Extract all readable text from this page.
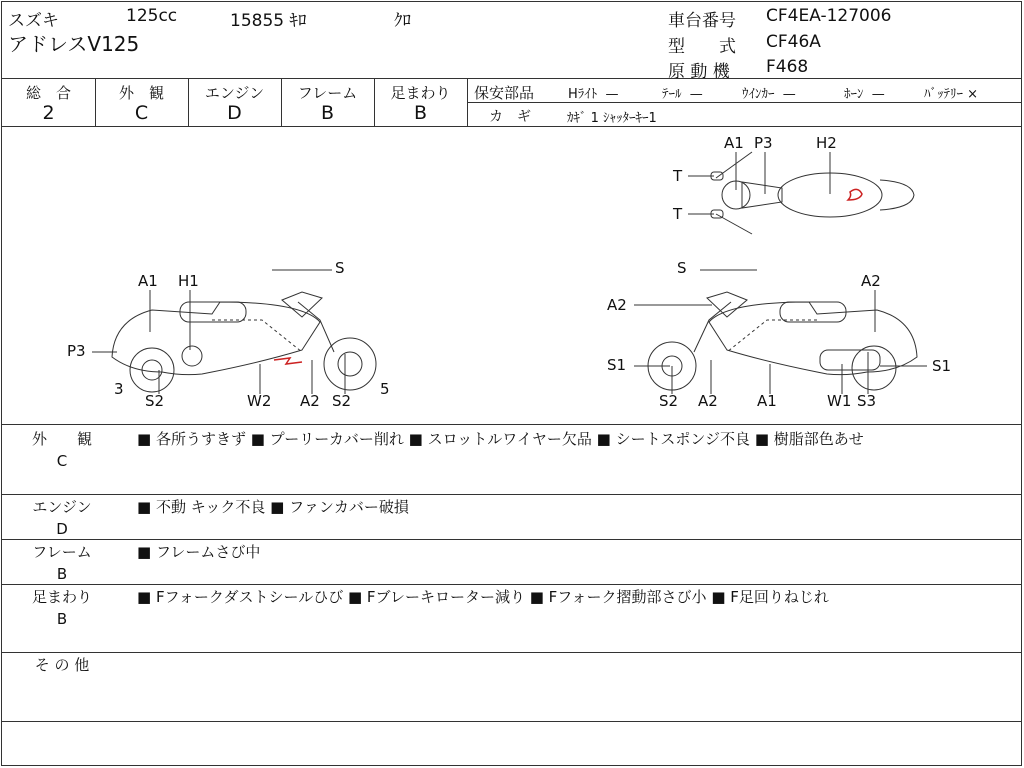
スズキ	125cc	15855 ｷﾛ	ｸﾛ
アドレスV125
車台番号 CF4EA-127006
型　　式 CF46A
原 動 機 F468
総　合	外　観	エンジン	フレーム	足まわり
2	C	D	B	B
保安部品	Hﾗｲﾄ —	ﾃｰﾙ —	ｳｲﾝｶｰ —	ﾎｰﾝ —	ﾊﾞｯﾃﾘｰ ×
カ　ギ	ｶｷﾞ 1 ｼｬｯﾀｰｷｰ1
A1 H1
S
P3
3
S2	W2 A2 S2
5
S
A2
A2
S1	S1
S2 A2	A1	W1 S3
A1 P3	H2
T
T
外　　観
C
■ 各所うすきず ■ プーリーカバー削れ ■ スロットルワイヤー欠品 ■ シートスポンジ不良 ■ 樹脂部色あせ
エンジン
D
■ 不動 キック不良 ■ ファンカバー破損
フレーム
B
■ フレームさび中
足まわり
B
■ Fフォークダストシールひび ■ Fブレーキローター減り ■ Fフォーク摺動部さび小 ■ F足回りねじれ
そ の 他
